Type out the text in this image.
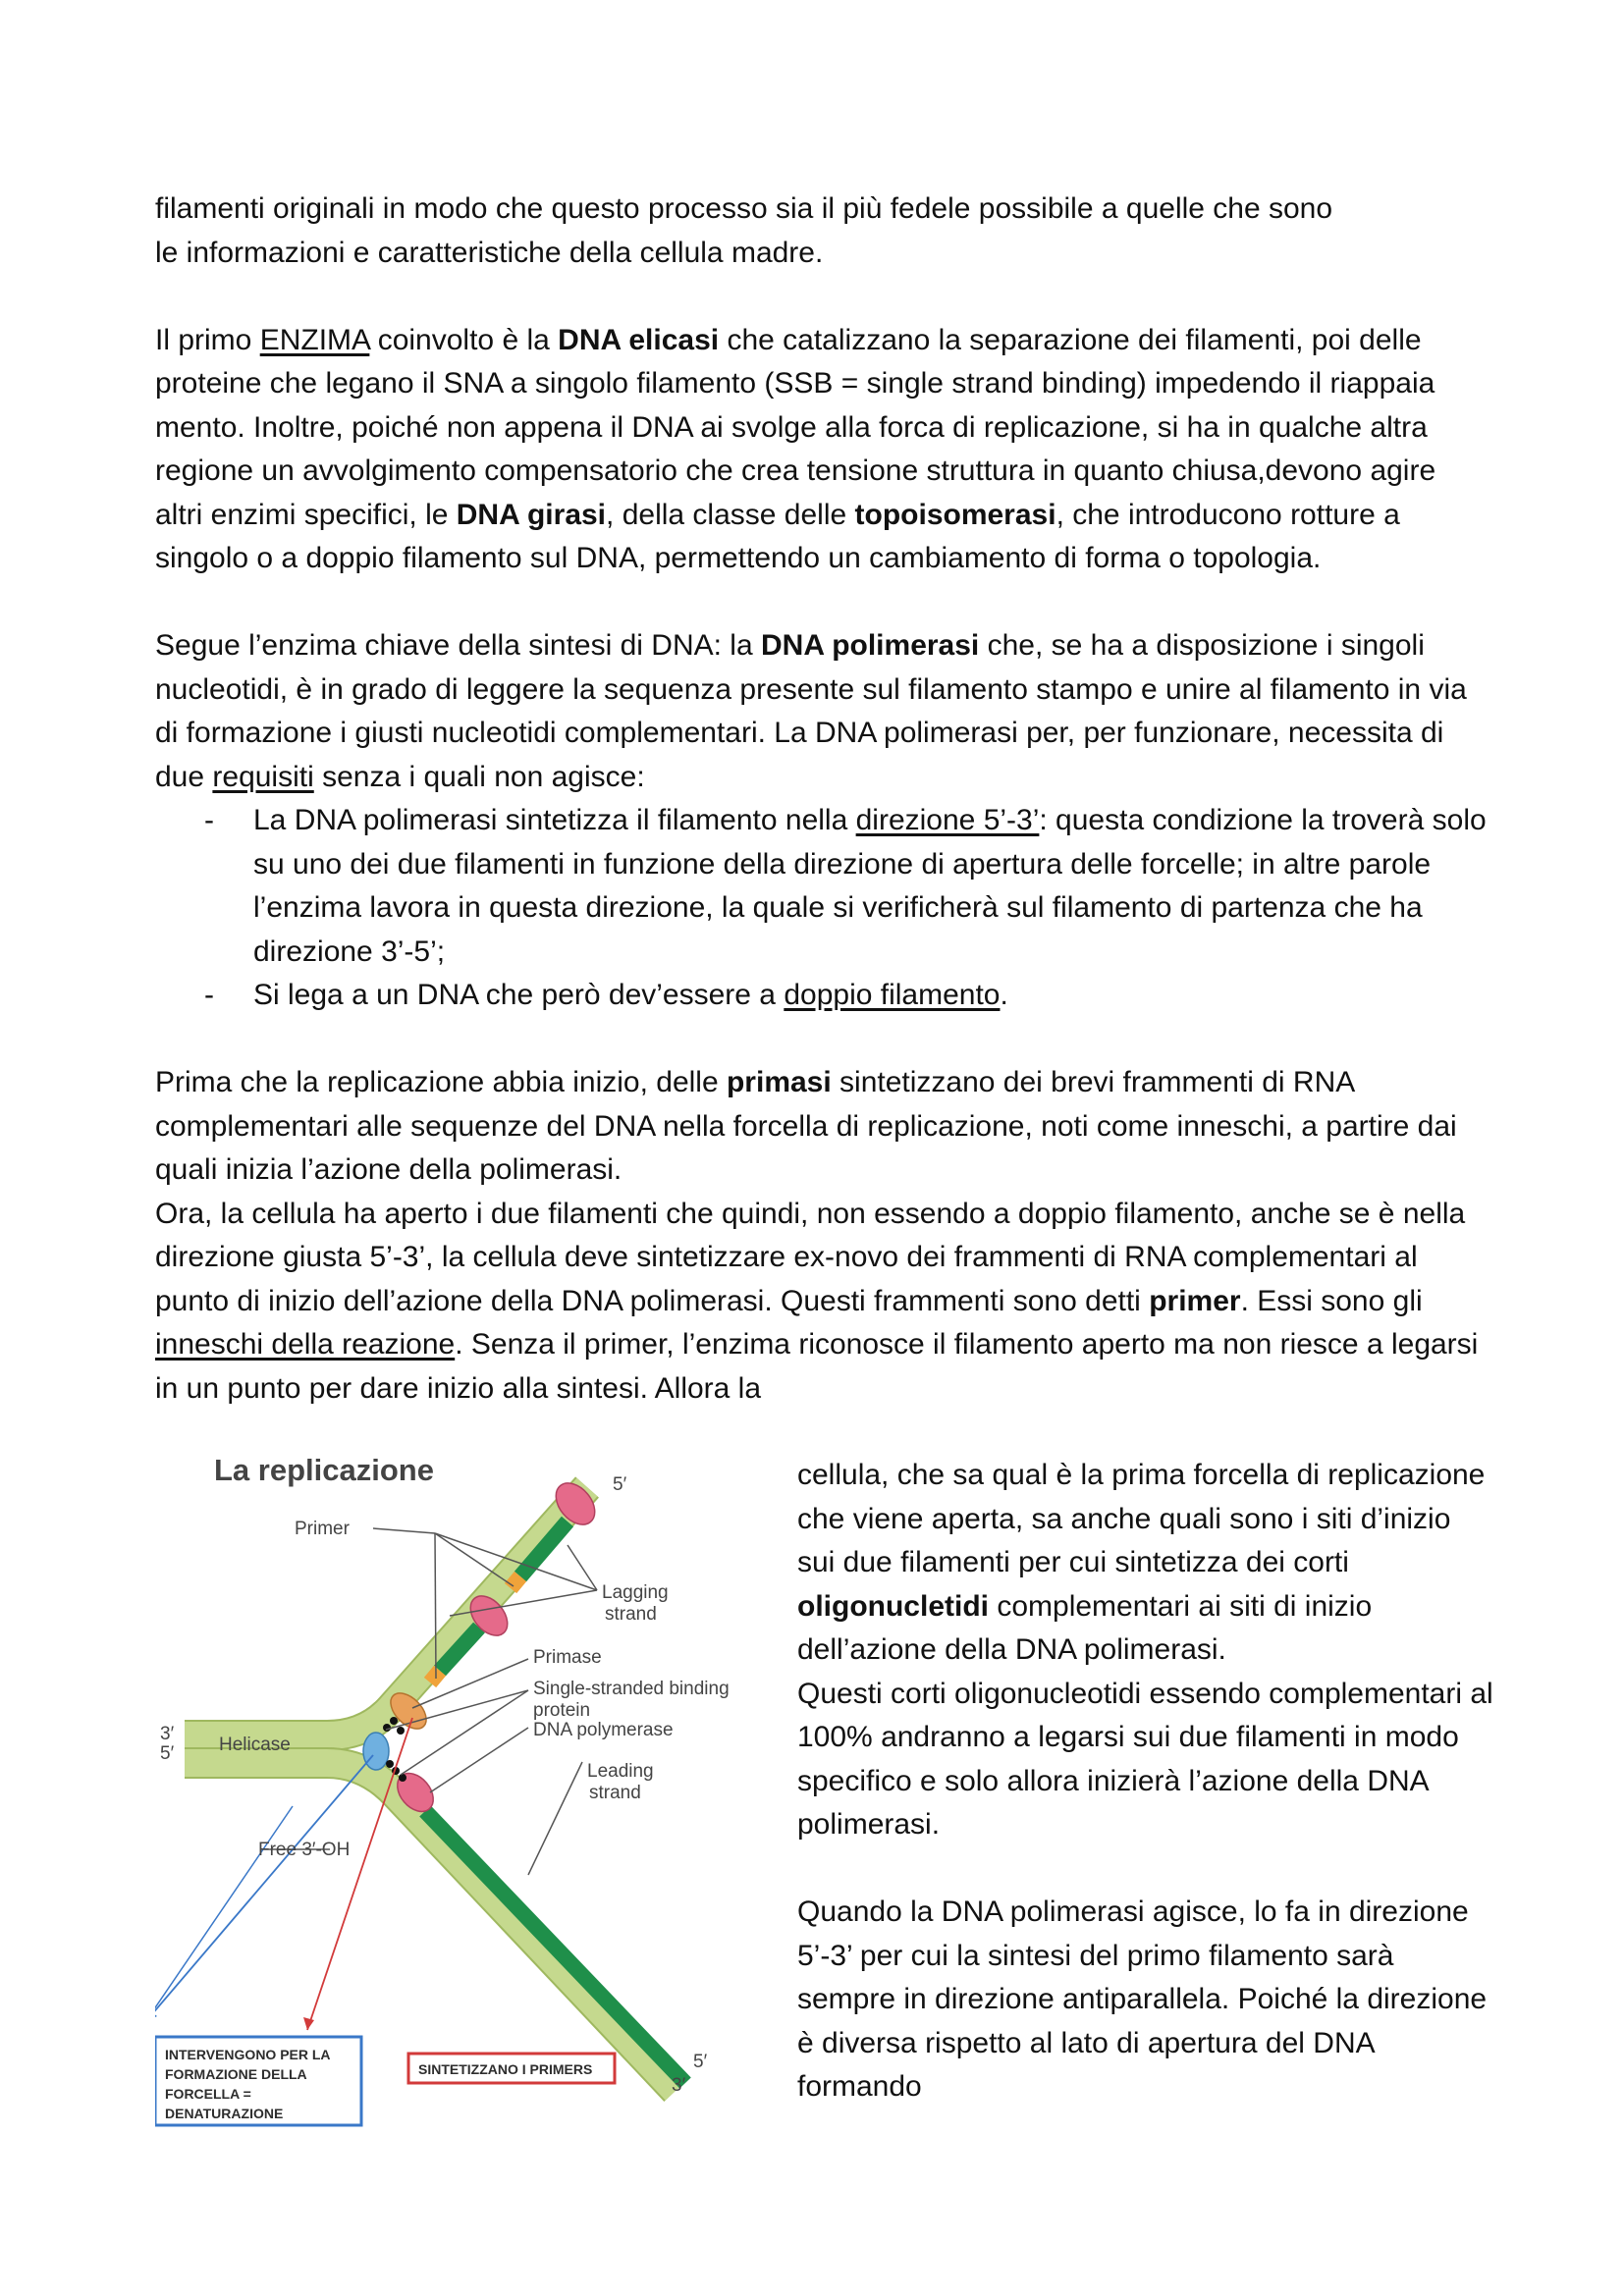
filamenti originali in modo che questo processo sia il più fedele possibile a quelle che sono
le informazioni e caratteristiche della cellula madre.

Il primo ENZIMA coinvolto è la DNA elicasi che catalizzano la separazione dei filamenti, poi delle proteine che legano il SNA a singolo filamento (SSB = single strand binding) impedendo il riappaia mento. Inoltre, poiché non appena il DNA ai svolge alla forca di replicazione, si ha in qualche altra regione un avvolgimento compensatorio che crea tensione struttura in quanto chiusa,devono agire altri enzimi specifici, le DNA girasi, della classe delle topoisomerasi, che introducono rotture a singolo o a doppio filamento sul DNA, permettendo un cambiamento di forma o topologia.

Segue l’enzima chiave della sintesi di DNA: la DNA polimerasi che, se ha a disposizione i singoli nucleotidi, è in grado di leggere la sequenza presente sul filamento stampo e unire al filamento in via di formazione i giusti nucleotidi complementari. La DNA polimerasi per, per funzionare, necessita di due requisiti senza i quali non agisce:

- La DNA polimerasi sintetizza il filamento nella direzione 5’-3’: questa condizione la troverà solo su uno dei due filamenti in funzione della direzione di apertura delle forcelle; in altre parole l’enzima lavora in questa direzione, la quale si verificherà sul filamento di partenza che ha direzione 3’-5’;
- Si lega a un DNA che però dev’essere a doppio filamento.

Prima che la replicazione abbia inizio, delle primasi sintetizzano dei brevi frammenti di RNA complementari alle sequenze del DNA nella forcella di replicazione, noti come inneschi, a partire dai quali inizia l’azione della polimerasi.

Ora, la cellula ha aperto i due filamenti che quindi, non essendo a doppio filamento, anche se è nella direzione giusta 5’-3’, la cellula deve sintetizzare ex-novo dei frammenti di RNA complementari al punto di inizio dell’azione della DNA polimerasi. Questi frammenti sono detti primer. Essi sono gli inneschi della reazione. Senza il primer, l’enzima riconosce il filamento aperto ma non riesce a legarsi in un punto per dare inizio alla sintesi. Allora la

La replicazione
Primer
5′
Lagging
strand
Primase
Single-stranded binding
protein
DNA polymerase
3′
5′ Helicase
Leading
strand
Free 3′-OH
5′
3′
INTERVENGONO PER LA
FORMAZIONE DELLA
FORCELLA =
DENATURAZIONE
SINTETIZZANO I PRIMERS

cellula, che sa qual è la prima forcella di replicazione che viene aperta, sa anche quali sono i siti d’inizio sui due filamenti per cui sintetizza dei corti oligonucletidi complementari ai siti di inizio dell’azione della DNA polimerasi.

Questi corti oligonucleotidi essendo complementari al 100% andranno a legarsi sui due filamenti in modo specifico e solo allora inizierà l’azione della DNA polimerasi.

Quando la DNA polimerasi agisce, lo fa in direzione 5’-3’ per cui la sintesi del primo filamento sarà sempre in direzione antiparallela. Poiché la direzione è diversa rispetto al lato di apertura del DNA formando
